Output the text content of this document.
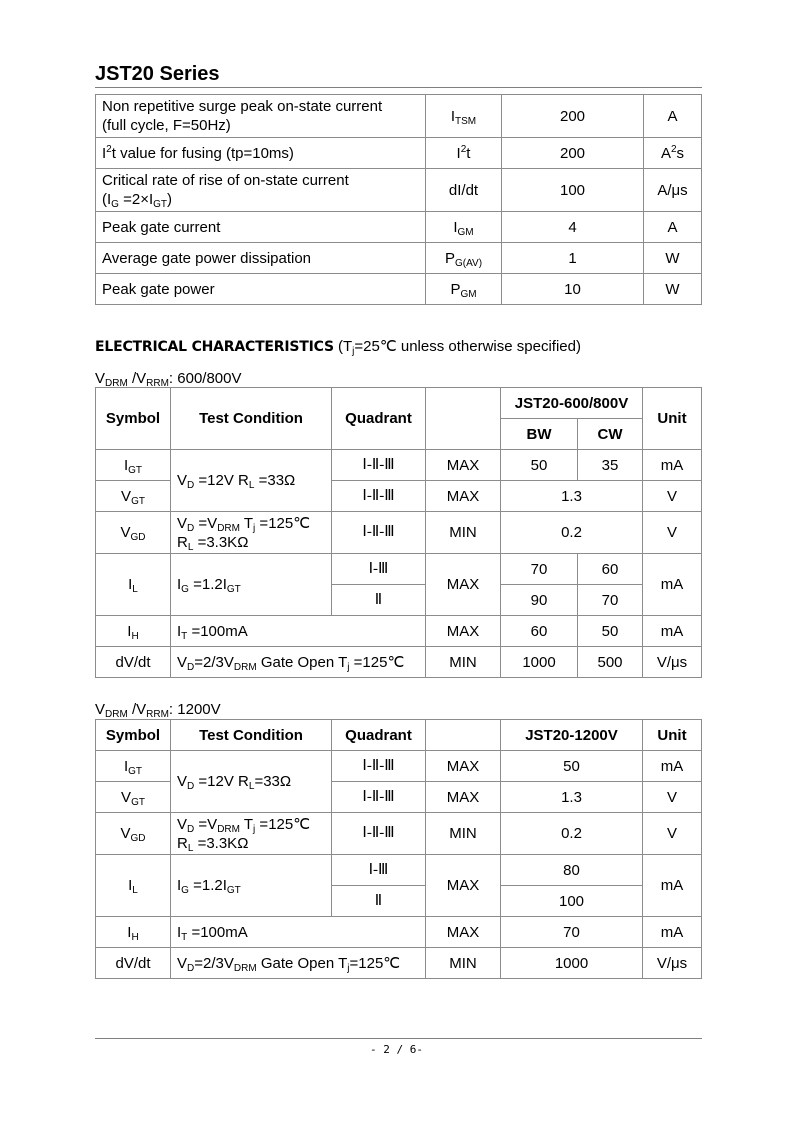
JST20 Series
Non repetitive surge peak on-state current
(full cycle, F=50Hz)	$I_{TSM}$	200	A
$I^2t$ value for fusing (tp=10ms)	$I^2t$	200	$A^2s$
Critical rate of rise of on-state current
$(I_G =2\times I_{GT})$	dI/dt	100	A/μs
Peak gate current	$I_{GM}$	4	A
Average gate power dissipation	$P_{G(AV)}$	1	W
Peak gate power	$P_{GM}$	10	W
ELECTRICAL CHARACTERISTICS ($T_j=25℃$ unless otherwise specified)
$V_{DRM}$ $/V_{RRM}$: 600/800V
Symbol	Test Condition	Quadrant		JST20-600/800V		Unit
				BW	CW	
$I_{GT}$	$V_D =12V$ $R_L =33\Omega$	Ⅰ-Ⅱ-Ⅲ	MAX	50	35	mA
$V_{GT}$		Ⅰ-Ⅱ-Ⅲ	MAX	1.3		V
$V_{GD}$	$V_D =V_{DRM}$ $T_j$ =125℃
$R_L =3.3K\Omega$	Ⅰ-Ⅱ-Ⅲ	MIN	0.2		V
$I_L$	$I_G =1.2I_{GT}$	Ⅰ-Ⅲ	MAX	70	60	mA
		Ⅱ		90	70	
$I_H$	$I_T =100mA$		MAX	60	50	mA
dV/dt	$V_D=2/3V_{DRM}$ Gate Open $T_j$ =125℃		MIN	1000	500	V/μs
$V_{DRM}$ $/V_{RRM}$: 1200V
Symbol	Test Condition	Quadrant		JST20-1200V	Unit
$I_{GT}$	$V_D =12V$ $R_L=33\Omega$	Ⅰ-Ⅱ-Ⅲ	MAX	50	mA
$V_{GT}$		Ⅰ-Ⅱ-Ⅲ	MAX	1.3	V
$V_{GD}$	$V_D =V_{DRM}$ $T_j$ =125℃
$R_L =3.3K\Omega$	Ⅰ-Ⅱ-Ⅲ	MIN	0.2	V
$I_L$	$I_G =1.2I_{GT}$	Ⅰ-Ⅲ	MAX	80	mA
		Ⅱ		100	
$I_H$	$I_T =100mA$		MAX	70	mA
dV/dt	$V_D=2/3V_{DRM}$ Gate Open $T_j=125℃$		MIN	1000	V/μs
- 2 / 6-
